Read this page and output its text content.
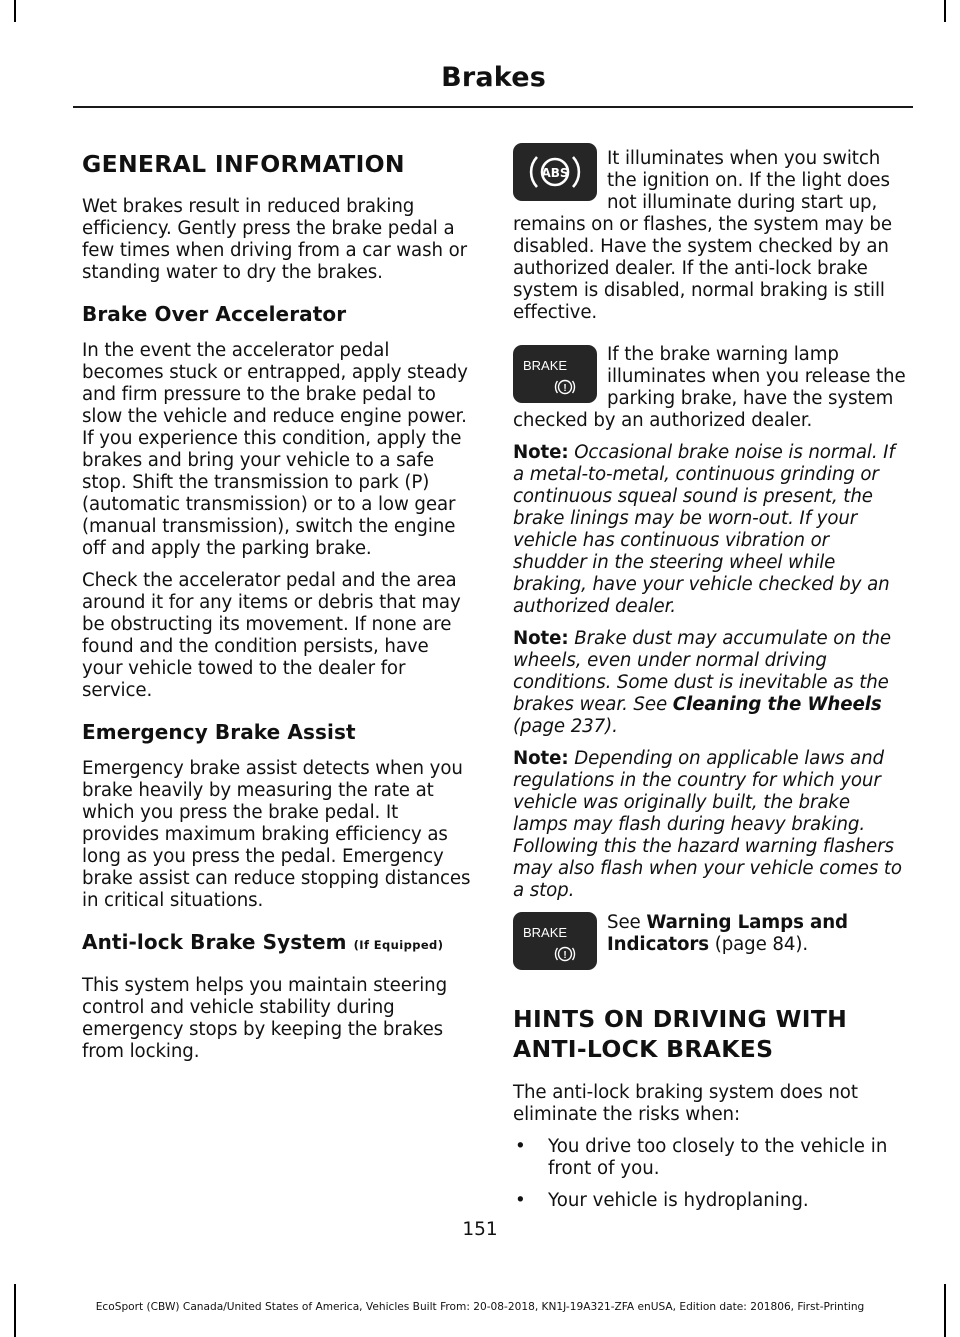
Brakes
GENERAL INFORMATION

Wet brakes result in reduced braking efficiency. Gently press the brake pedal a few times when driving from a car wash or standing water to dry the brakes.

Brake Over Accelerator

In the event the accelerator pedal becomes stuck or entrapped, apply steady and firm pressure to the brake pedal to slow the vehicle and reduce engine power. If you experience this condition, apply the brakes and bring your vehicle to a safe stop. Shift the transmission to park (P) (automatic transmission) or to a low gear (manual transmission), switch the engine off and apply the parking brake.

Check the accelerator pedal and the area around it for any items or debris that may be obstructing its movement. If none are found and the condition persists, have your vehicle towed to the dealer for service.

Emergency Brake Assist

Emergency brake assist detects when you brake heavily by measuring the rate at which you press the brake pedal. It provides maximum braking efficiency as long as you press the pedal. Emergency brake assist can reduce stopping distances in critical situations.

Anti-lock Brake System (If Equipped)

This system helps you maintain steering control and vehicle stability during emergency stops by keeping the brakes from locking.

ABS

It illuminates when you switch the ignition on. If the light does not illuminate during start up, remains on or flashes, the system may be disabled. Have the system checked by an authorized dealer. If the anti-lock brake system is disabled, normal braking is still effective.

BRAKE
!

If the brake warning lamp illuminates when you release the parking brake, have the system checked by an authorized dealer.

Note: Occasional brake noise is normal. If a metal-to-metal, continuous grinding or continuous squeal sound is present, the brake linings may be worn-out. If your vehicle has continuous vibration or shudder in the steering wheel while braking, have your vehicle checked by an authorized dealer.

Note: Brake dust may accumulate on the wheels, even under normal driving conditions. Some dust is inevitable as the brakes wear. See Cleaning the Wheels (page 237).

Note: Depending on applicable laws and regulations in the country for which your vehicle was originally built, the brake lamps may flash during heavy braking. Following this the hazard warning flashers may also flash when your vehicle comes to a stop.

BRAKE
!

See Warning Lamps and Indicators (page 84).

HINTS ON DRIVING WITH
ANTI-LOCK BRAKES

The anti-lock braking system does not eliminate the risks when:

• You drive too closely to the vehicle in front of you.
• Your vehicle is hydroplaning.
151
EcoSport (CBW) Canada/United States of America, Vehicles Built From: 20-08-2018, KN1J-19A321-ZFA enUSA, Edition date: 201806, First-Printing
